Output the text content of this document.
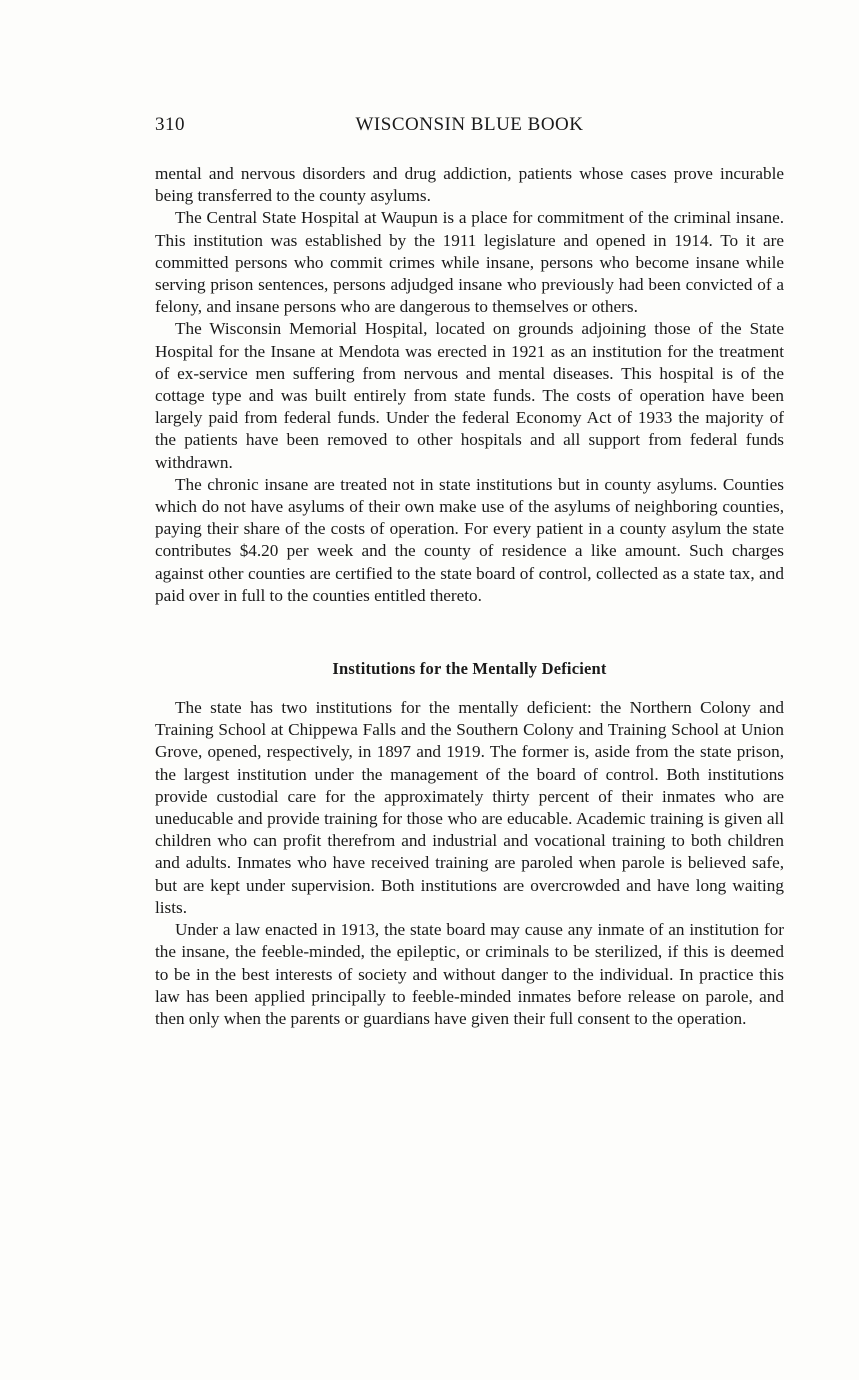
310	WISCONSIN BLUE BOOK

mental and nervous disorders and drug addiction, patients whose cases prove incurable being transferred to the county asylums.

The Central State Hospital at Waupun is a place for commitment of the criminal insane. This institution was established by the 1911 legislature and opened in 1914. To it are committed persons who commit crimes while insane, persons who become insane while serving prison sentences, persons adjudged insane who previously had been convicted of a felony, and insane persons who are dangerous to themselves or others.

The Wisconsin Memorial Hospital, located on grounds adjoining those of the State Hospital for the Insane at Mendota was erected in 1921 as an institution for the treatment of ex-service men suffering from nervous and mental diseases. This hospital is of the cottage type and was built entirely from state funds. The costs of operation have been largely paid from federal funds. Under the federal Economy Act of 1933 the majority of the patients have been removed to other hospitals and all support from federal funds withdrawn.

The chronic insane are treated not in state institutions but in county asylums. Counties which do not have asylums of their own make use of the asylums of neighboring counties, paying their share of the costs of operation. For every patient in a county asylum the state contributes $4.20 per week and the county of residence a like amount. Such charges against other counties are certified to the state board of control, collected as a state tax, and paid over in full to the counties entitled thereto.

Institutions for the Mentally Deficient

The state has two institutions for the mentally deficient: the Northern Colony and Training School at Chippewa Falls and the Southern Colony and Training School at Union Grove, opened, respectively, in 1897 and 1919. The former is, aside from the state prison, the largest institution under the management of the board of control. Both institutions provide custodial care for the approximately thirty percent of their inmates who are uneducable and provide training for those who are educable. Academic training is given all children who can profit therefrom and industrial and vocational training to both children and adults. Inmates who have received training are paroled when parole is believed safe, but are kept under supervision. Both institutions are overcrowded and have long waiting lists.

Under a law enacted in 1913, the state board may cause any inmate of an institution for the insane, the feeble-minded, the epileptic, or criminals to be sterilized, if this is deemed to be in the best interests of society and without danger to the individual. In practice this law has been applied principally to feeble-minded inmates before release on parole, and then only when the parents or guardians have given their full consent to the operation.
